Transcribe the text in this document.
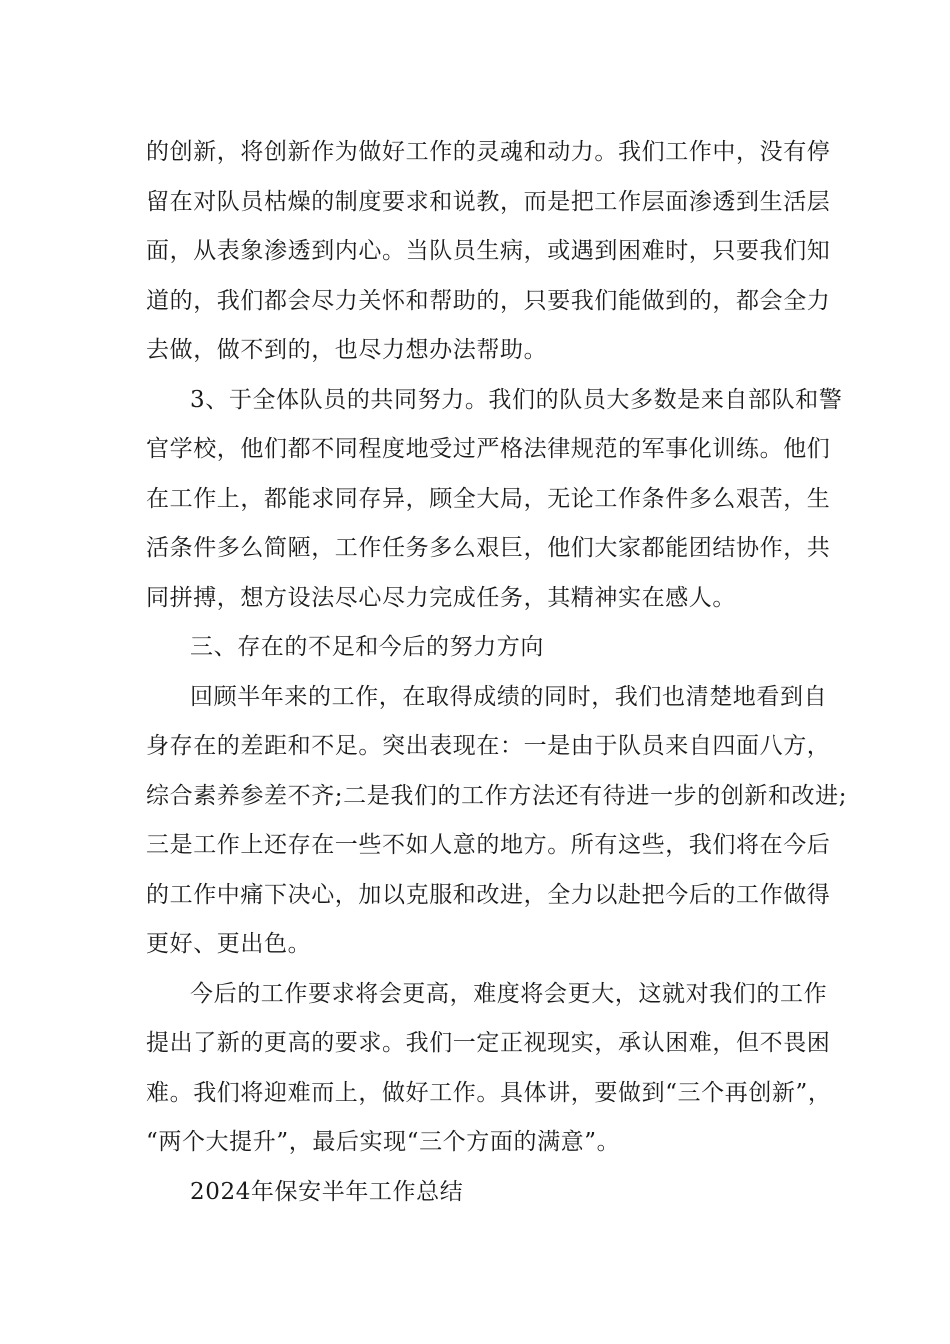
的创新，将创新作为做好工作的灵魂和动力。我们工作中，没有停
留在对队员枯燥的制度要求和说教，而是把工作层面渗透到生活层
面，从表象渗透到内心。当队员生病，或遇到困难时，只要我们知
道的，我们都会尽力关怀和帮助的，只要我们能做到的，都会全力
去做，做不到的，也尽力想办法帮助。
3、于全体队员的共同努力。我们的队员大多数是来自部队和警
官学校，他们都不同程度地受过严格法律规范的军事化训练。他们
在工作上，都能求同存异，顾全大局，无论工作条件多么艰苦，生
活条件多么简陋，工作任务多么艰巨，他们大家都能团结协作，共
同拼搏，想方设法尽心尽力完成任务，其精神实在感人。
三、存在的不足和今后的努力方向
回顾半年来的工作，在取得成绩的同时，我们也清楚地看到自
身存在的差距和不足。突出表现在：一是由于队员来自四面八方，
综合素养参差不齐;二是我们的工作方法还有待进一步的创新和改进;
三是工作上还存在一些不如人意的地方。所有这些，我们将在今后
的工作中痛下决心，加以克服和改进，全力以赴把今后的工作做得
更好、更出色。
今后的工作要求将会更高，难度将会更大，这就对我们的工作
提出了新的更高的要求。我们一定正视现实，承认困难，但不畏困
难。我们将迎难而上，做好工作。具体讲，要做到“三个再创新”，
“两个大提升”，最后实现“三个方面的满意”。
2024年保安半年工作总结
